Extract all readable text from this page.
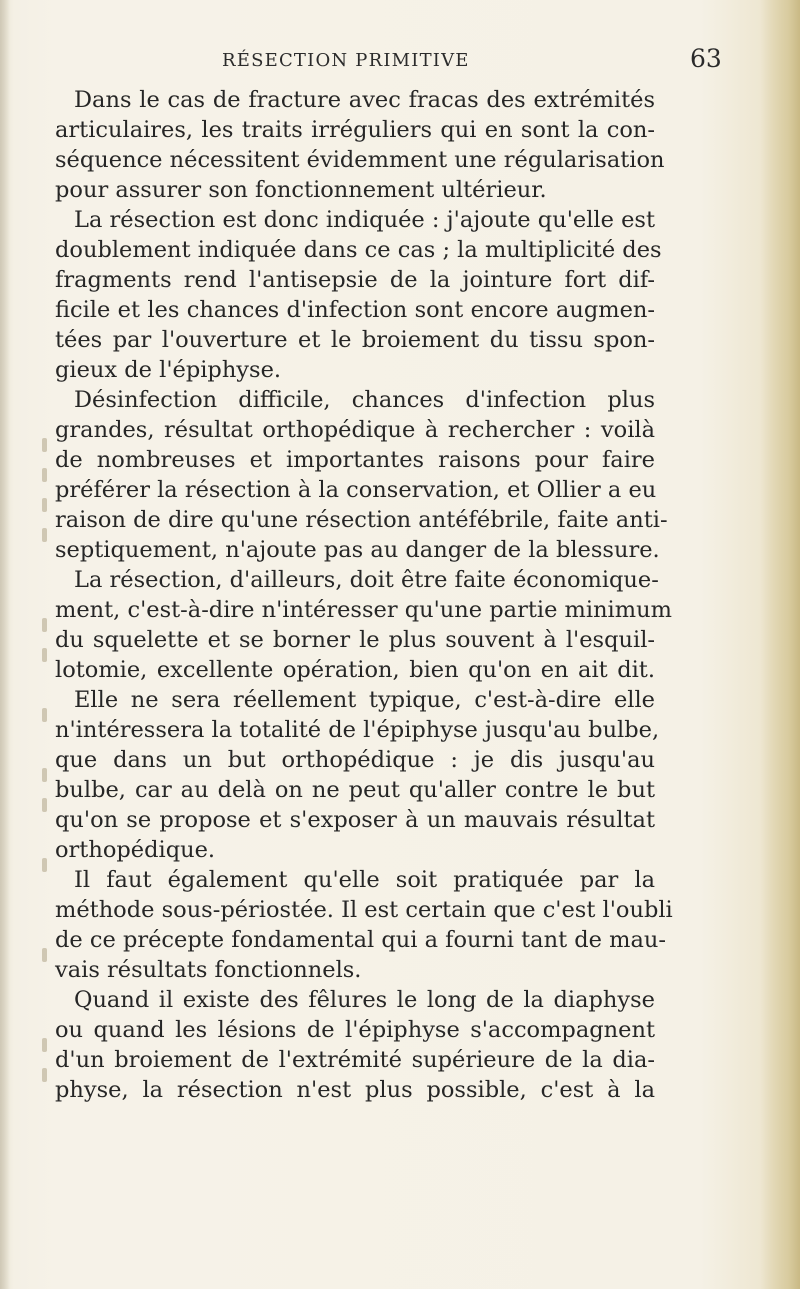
RÉSECTION PRIMITIVE	63
Dans le cas de fracture avec fracas des extrémités
articulaires, les traits irréguliers qui en sont la con-
séquence nécessitent évidemment une régularisation
pour assurer son fonctionnement ultérieur.
La résection est donc indiquée : j'ajoute qu'elle est
doublement indiquée dans ce cas ; la multiplicité des
fragments rend l'antisepsie de la jointure fort dif-
ficile et les chances d'infection sont encore augmen-
tées par l'ouverture et le broiement du tissu spon-
gieux de l'épiphyse.
Désinfection difficile, chances d'infection plus
grandes, résultat orthopédique à rechercher : voilà
de nombreuses et importantes raisons pour faire
préférer la résection à la conservation, et Ollier a eu
raison de dire qu'une résection antéfébrile, faite anti-
septiquement, n'ajoute pas au danger de la blessure.
La résection, d'ailleurs, doit être faite économique-
ment, c'est-à-dire n'intéresser qu'une partie minimum
du squelette et se borner le plus souvent à l'esquil-
lotomie, excellente opération, bien qu'on en ait dit.
Elle ne sera réellement typique, c'est-à-dire elle
n'intéressera la totalité de l'épiphyse jusqu'au bulbe,
que dans un but orthopédique : je dis jusqu'au
bulbe, car au delà on ne peut qu'aller contre le but
qu'on se propose et s'exposer à un mauvais résultat
orthopédique.
Il faut également qu'elle soit pratiquée par la
méthode sous-périostée. Il est certain que c'est l'oubli
de ce précepte fondamental qui a fourni tant de mau-
vais résultats fonctionnels.
Quand il existe des fêlures le long de la diaphyse
ou quand les lésions de l'épiphyse s'accompagnent
d'un broiement de l'extrémité supérieure de la dia-
physe, la résection n'est plus possible, c'est à la
